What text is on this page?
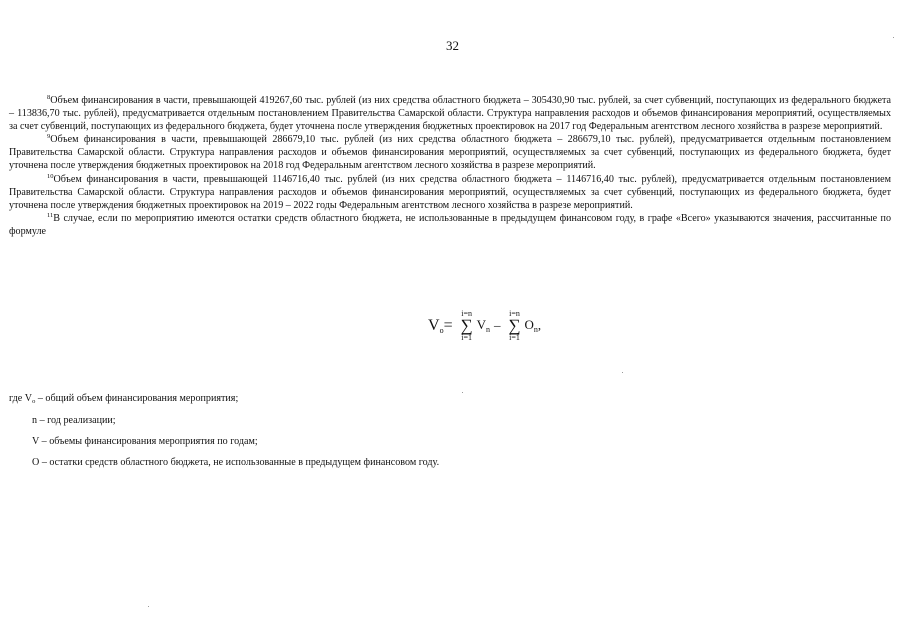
32

$^8$Объем финансирования в части, превышающей 419267,60 тыс. рублей (из них средства областного бюджета – 305430,90 тыс. рублей, за счет субвенций, поступающих из федерального бюджета – 113836,70 тыс. рублей), предусматривается отдельным постановлением Правительства Самарской области. Структура направления расходов и объемов финансирования мероприятий, осуществляемых за счет субвенций, поступающих из федерального бюджета, будет уточнена после утверждения бюджетных проектировок на 2017 год Федеральным агентством лесного хозяйства в разрезе мероприятий.

$^9$Объем финансирования в части, превышающей 286679,10 тыс. рублей (из них средства областного бюджета – 286679,10 тыс. рублей), предусматривается отдельным постановлением Правительства Самарской области. Структура направления расходов и объемов финансирования мероприятий, осуществляемых за счет субвенций, поступающих из федерального бюджета, будет уточнена после утверждения бюджетных проектировок на 2018 год Федеральным агентством лесного хозяйства в разрезе мероприятий.

$^{10}$Объем финансирования в части, превышающей 1146716,40 тыс. рублей (из них средства областного бюджета – 1146716,40 тыс. рублей), предусматривается отдельным постановлением Правительства Самарской области. Структура направления расходов и объемов финансирования мероприятий, осуществляемых за счет субвенций, поступающих из федерального бюджета, будет уточнена после утверждения бюджетных проектировок на 2019 – 2022 годы Федеральным агентством лесного хозяйства в разрезе мероприятий.

$^{11}$В случае, если по мероприятию имеются остатки средств областного бюджета, не использованные в предыдущем финансовом году, в графе «Всего» указываются значения, рассчитанные по формуле

$V_o=$
i=n
∑
i=1
$V_n$ –
i=n
∑
i=1
$O_n$,

где $V_o$ – общий объем финансирования мероприятия;

n – год реализации;

V – объемы финансирования мероприятия по годам;

O – остатки средств областного бюджета, не использованные в предыдущем финансовом году.
